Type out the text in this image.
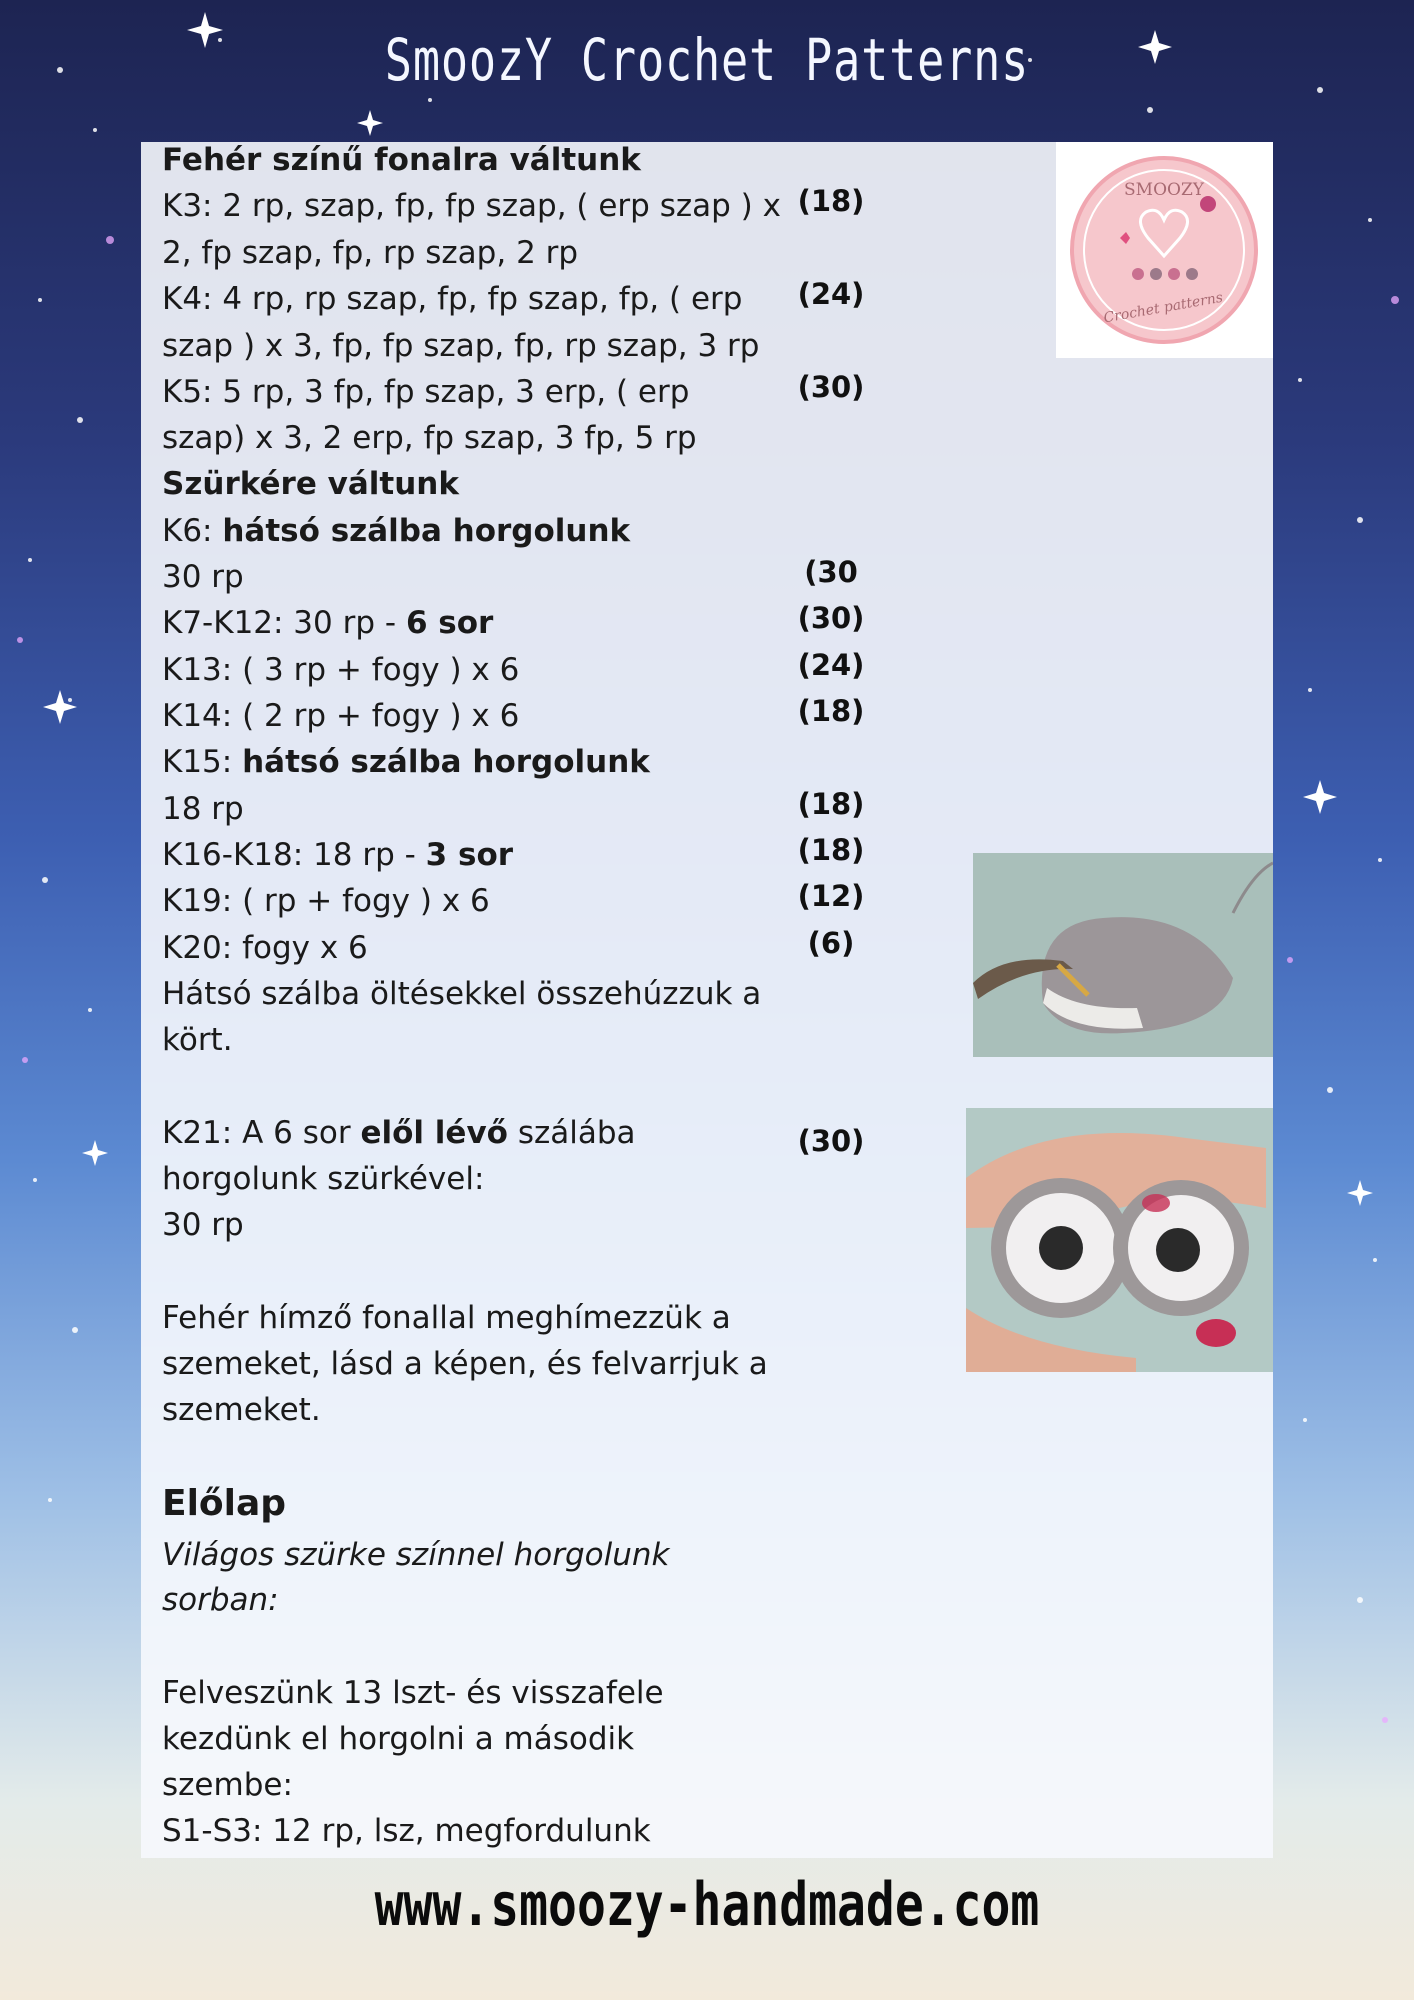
SmoozY Crochet Patterns
SMOOZY
Crochet patterns
Fehér színű fonalra váltunk
K3: 2 rp, szap, fp, fp szap, ( erp szap ) x
2, fp szap, fp, rp szap, 2 rp
K4: 4 rp, rp szap, fp, fp szap, fp, ( erp
szap ) x 3, fp, fp szap, fp, rp szap, 3 rp
K5: 5 rp, 3 fp, fp szap, 3 erp, ( erp
szap) x 3, 2 erp, fp szap, 3 fp, 5 rp
Szürkére váltunk
K6: hátsó szálba horgolunk
30 rp
K7-K12: 30 rp - 6 sor
K13: ( 3 rp + fogy ) x 6
K14: ( 2 rp + fogy ) x 6
K15: hátsó szálba horgolunk
18 rp
K16-K18: 18 rp - 3 sor
K19: ( rp + fogy ) x 6
K20: fogy x 6
Hátsó szálba öltésekkel összehúzzuk a
kört.
K21: A 6 sor elől lévő szálába
horgolunk szürkével:
30 rp
Fehér hímző fonallal meghímezzük a
szemeket, lásd a képen, és felvarrjuk a
szemeket.
Előlap
Világos szürke színnel horgolunk
sorban:
Felveszünk 13 lszt- és visszafele
kezdünk el horgolni a második
szembe:
S1-S3: 12 rp, lsz, megfordulunk
(18)
(24)
(30)
(30
(30)
(24)
(18)
(18)
(18)
(12)
(6)
(30)
www.smoozy-handmade.com
